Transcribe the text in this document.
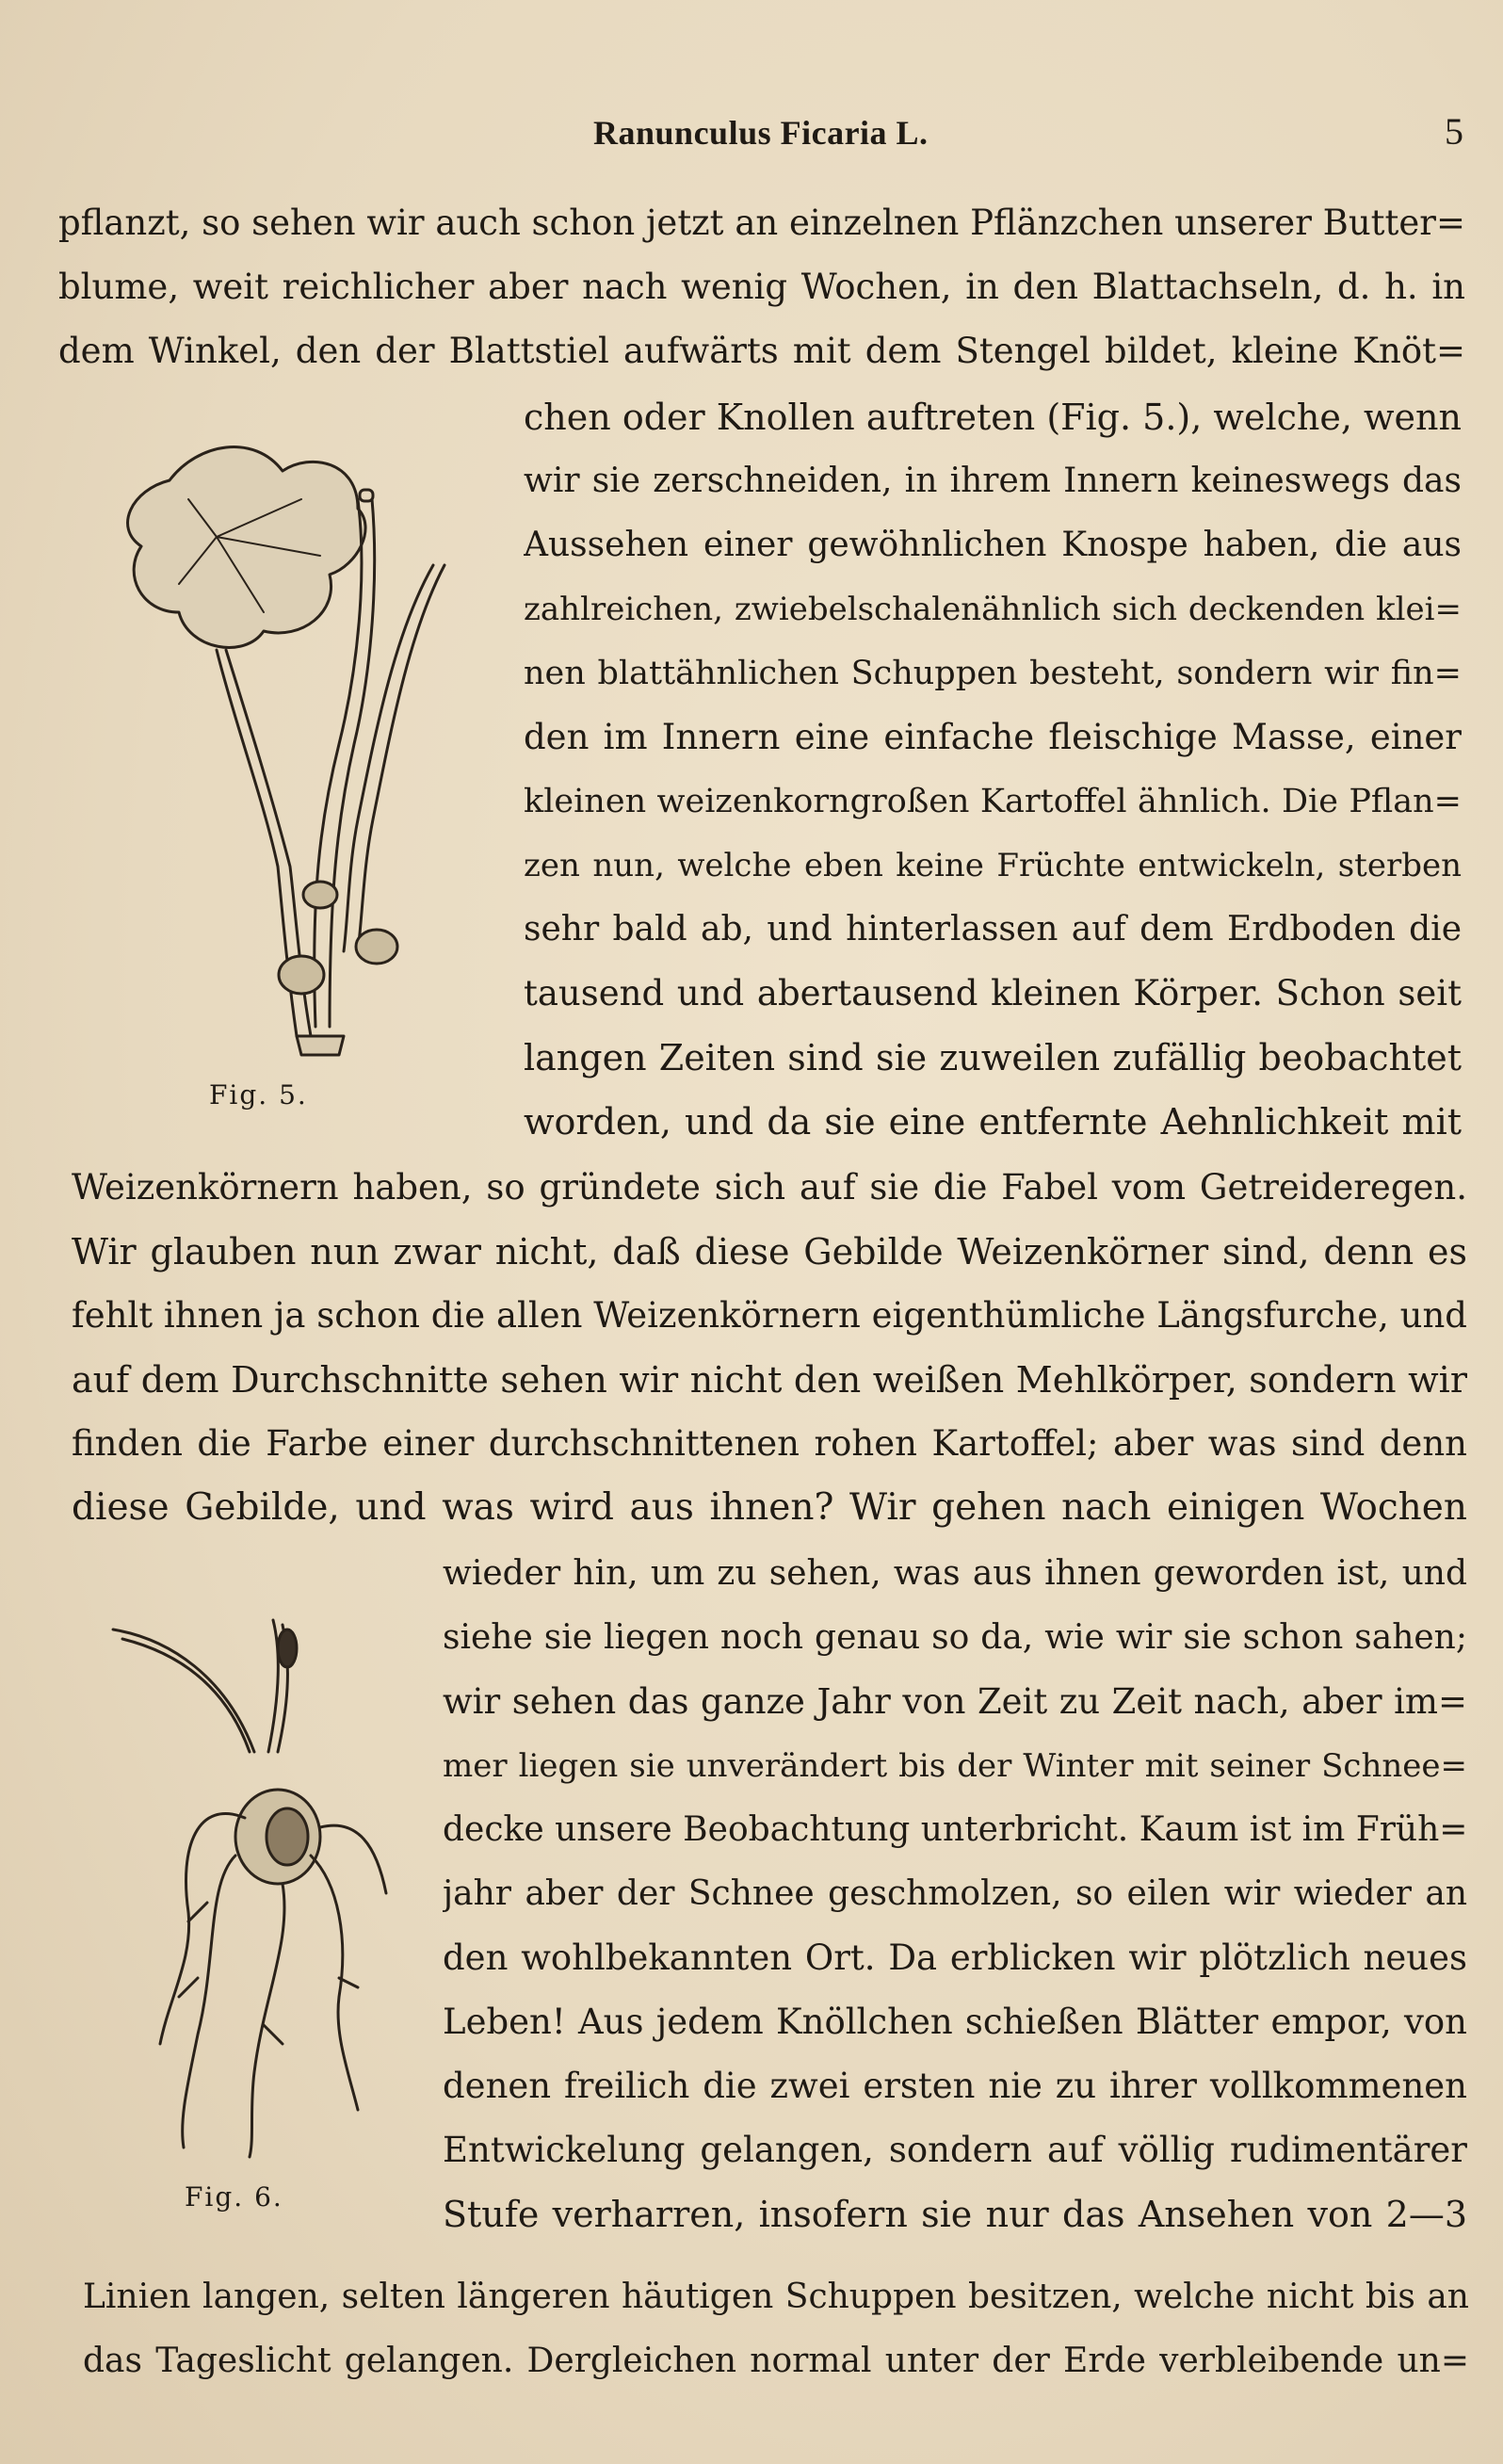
Ranunculus Ficaria L.	5
pflanzt, so sehen wir auch schon jetzt an einzelnen Pflänzchen unserer Butter=
blume, weit reichlicher aber nach wenig Wochen, in den Blattachseln, d. h. in
dem Winkel, den der Blattstiel aufwärts mit dem Stengel bildet, kleine Knöt=
chen oder Knollen auftreten (Fig. 5.), welche, wenn
wir sie zerschneiden, in ihrem Innern keineswegs das
Aussehen einer gewöhnlichen Knospe haben, die aus
zahlreichen, zwiebelschalenähnlich sich deckenden klei=
nen blattähnlichen Schuppen besteht, sondern wir fin=
den im Innern eine einfache fleischige Masse, einer
kleinen weizenkorngroßen Kartoffel ähnlich. Die Pflan=
zen nun, welche eben keine Früchte entwickeln, sterben
sehr bald ab, und hinterlassen auf dem Erdboden die
tausend und abertausend kleinen Körper. Schon seit
langen Zeiten sind sie zuweilen zufällig beobachtet
worden, und da sie eine entfernte Aehnlichkeit mit
Weizenkörnern haben, so gründete sich auf sie die Fabel vom Getreideregen.
Wir glauben nun zwar nicht, daß diese Gebilde Weizenkörner sind, denn es
fehlt ihnen ja schon die allen Weizenkörnern eigenthümliche Längsfurche, und
auf dem Durchschnitte sehen wir nicht den weißen Mehlkörper, sondern wir
finden die Farbe einer durchschnittenen rohen Kartoffel; aber was sind denn
diese Gebilde, und was wird aus ihnen? Wir gehen nach einigen Wochen
wieder hin, um zu sehen, was aus ihnen geworden ist, und
siehe sie liegen noch genau so da, wie wir sie schon sahen;
wir sehen das ganze Jahr von Zeit zu Zeit nach, aber im=
mer liegen sie unverändert bis der Winter mit seiner Schnee=
decke unsere Beobachtung unterbricht. Kaum ist im Früh=
jahr aber der Schnee geschmolzen, so eilen wir wieder an
den wohlbekannten Ort. Da erblicken wir plötzlich neues
Leben! Aus jedem Knöllchen schießen Blätter empor, von
denen freilich die zwei ersten nie zu ihrer vollkommenen
Entwickelung gelangen, sondern auf völlig rudimentärer
Stufe verharren, insofern sie nur das Ansehen von 2—3
Linien langen, selten längeren häutigen Schuppen besitzen, welche nicht bis an
das Tageslicht gelangen. Dergleichen normal unter der Erde verbleibende un=
Fig. 5.
Fig. 6.
